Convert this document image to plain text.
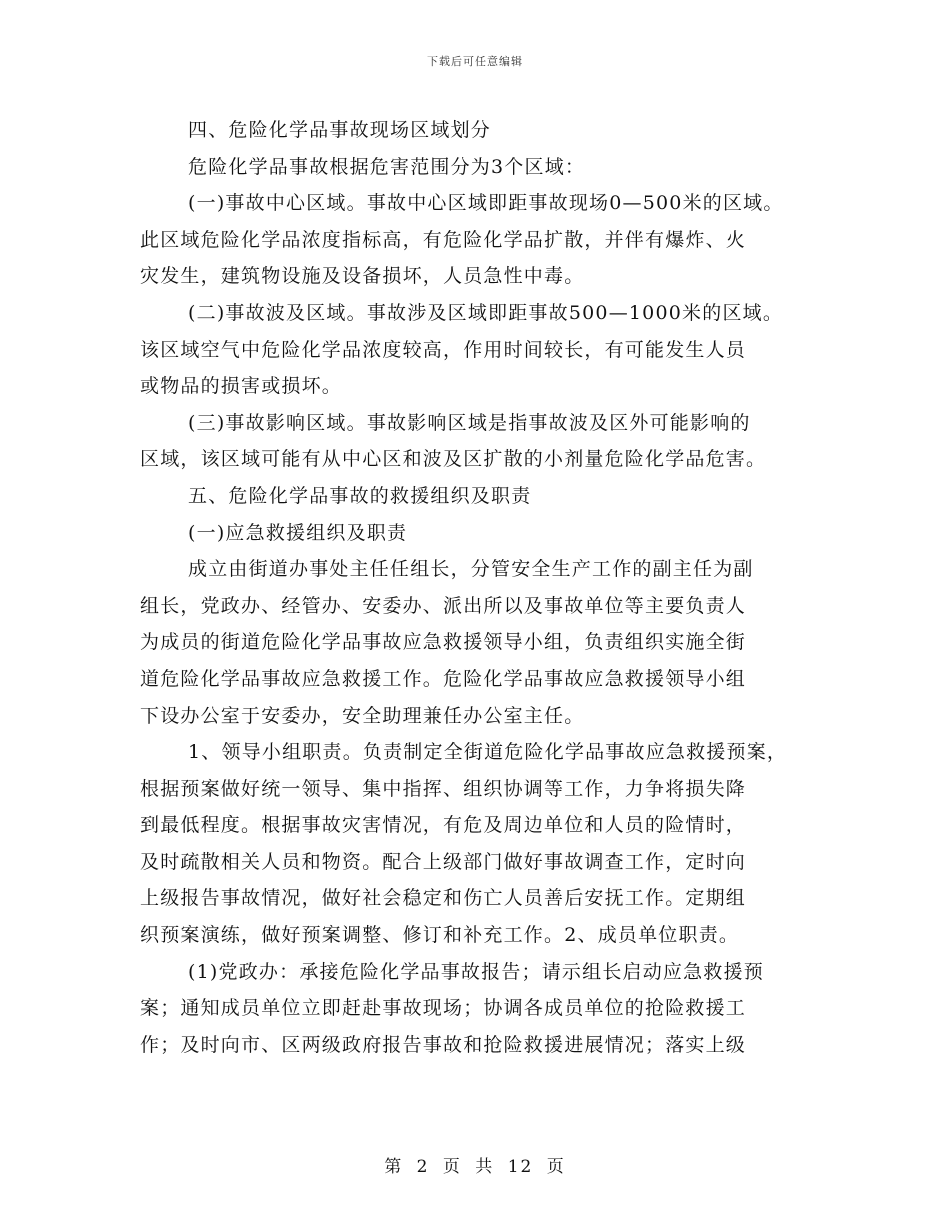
下载后可任意编辑
四、危险化学品事故现场区域划分
危险化学品事故根据危害范围分为3个区域：
(一)事故中心区域。事故中心区域即距事故现场0—500米的区域。
此区域危险化学品浓度指标高，有危险化学品扩散，并伴有爆炸、火
灾发生，建筑物设施及设备损坏，人员急性中毒。
(二)事故波及区域。事故涉及区域即距事故500—1000米的区域。
该区域空气中危险化学品浓度较高，作用时间较长，有可能发生人员
或物品的损害或损坏。
(三)事故影响区域。事故影响区域是指事故波及区外可能影响的
区域，该区域可能有从中心区和波及区扩散的小剂量危险化学品危害。
五、危险化学品事故的救援组织及职责
(一)应急救援组织及职责
成立由街道办事处主任任组长，分管安全生产工作的副主任为副
组长，党政办、经管办、安委办、派出所以及事故单位等主要负责人
为成员的街道危险化学品事故应急救援领导小组，负责组织实施全街
道危险化学品事故应急救援工作。危险化学品事故应急救援领导小组
下设办公室于安委办，安全助理兼任办公室主任。
1、领导小组职责。负责制定全街道危险化学品事故应急救援预案，
根据预案做好统一领导、集中指挥、组织协调等工作，力争将损失降
到最低程度。根据事故灾害情况，有危及周边单位和人员的险情时，
及时疏散相关人员和物资。配合上级部门做好事故调查工作，定时向
上级报告事故情况，做好社会稳定和伤亡人员善后安抚工作。定期组
织预案演练，做好预案调整、修订和补充工作。2、成员单位职责。
(1)党政办：承接危险化学品事故报告；请示组长启动应急救援预
案；通知成员单位立即赶赴事故现场；协调各成员单位的抢险救援工
作；及时向市、区两级政府报告事故和抢险救援进展情况；落实上级
第 2 页 共 12 页
